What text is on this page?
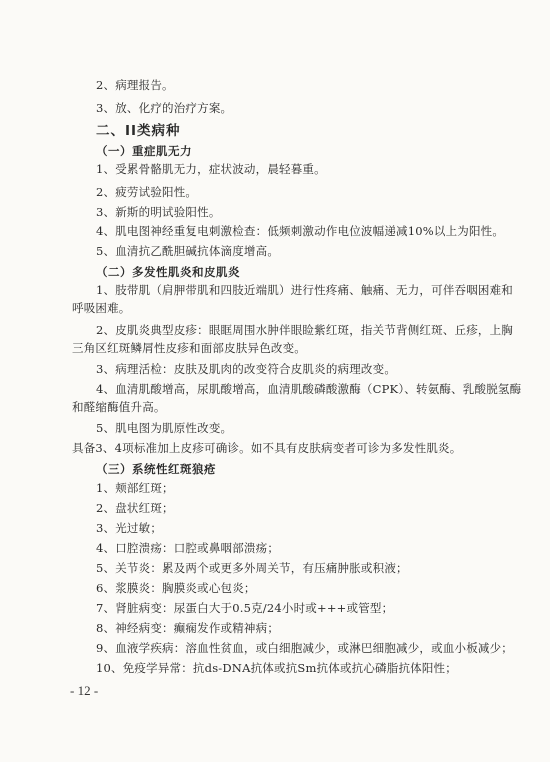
2、病理报告。
3、放、化疗的治疗方案。
二、II类病种
（一）重症肌无力
1、受累骨骼肌无力，症状波动，晨轻暮重。
2、疲劳试验阳性。
3、新斯的明试验阳性。
4、肌电图神经重复电刺激检查：低频刺激动作电位波幅递减10%以上为阳性。
5、血清抗乙酰胆碱抗体滴度增高。
（二）多发性肌炎和皮肌炎
1、肢带肌（肩胛带肌和四肢近端肌）进行性疼痛、触痛、无力，可伴吞咽困难和
呼吸困难。
2、皮肌炎典型皮疹：眼眶周围水肿伴眼睑紫红斑，指关节背侧红斑、丘疹，上胸
三角区红斑鳞屑性皮疹和面部皮肤异色改变。
3、病理活检：皮肤及肌肉的改变符合皮肌炎的病理改变。
4、血清肌酸增高，尿肌酸增高，血清肌酸磷酸激酶（CPK）、转氨酶、乳酸脱氢酶
和醛缩酶值升高。
5、肌电图为肌原性改变。
具备3、4项标准加上皮疹可确诊。如不具有皮肤病变者可诊为多发性肌炎。
（三）系统性红斑狼疮
1、颊部红斑；
2、盘状红斑；
3、光过敏；
4、口腔溃疡：口腔或鼻咽部溃疡；
5、关节炎：累及两个或更多外周关节，有压痛肿胀或积液；
6、浆膜炎：胸膜炎或心包炎；
7、肾脏病变：尿蛋白大于0.5克/24小时或+++或管型；
8、神经病变：癫痫发作或精神病；
9、血液学疾病：溶血性贫血，或白细胞减少，或淋巴细胞减少，或血小板减少；
10、免疫学异常：抗ds-DNA抗体或抗Sm抗体或抗心磷脂抗体阳性；
- 12 -
